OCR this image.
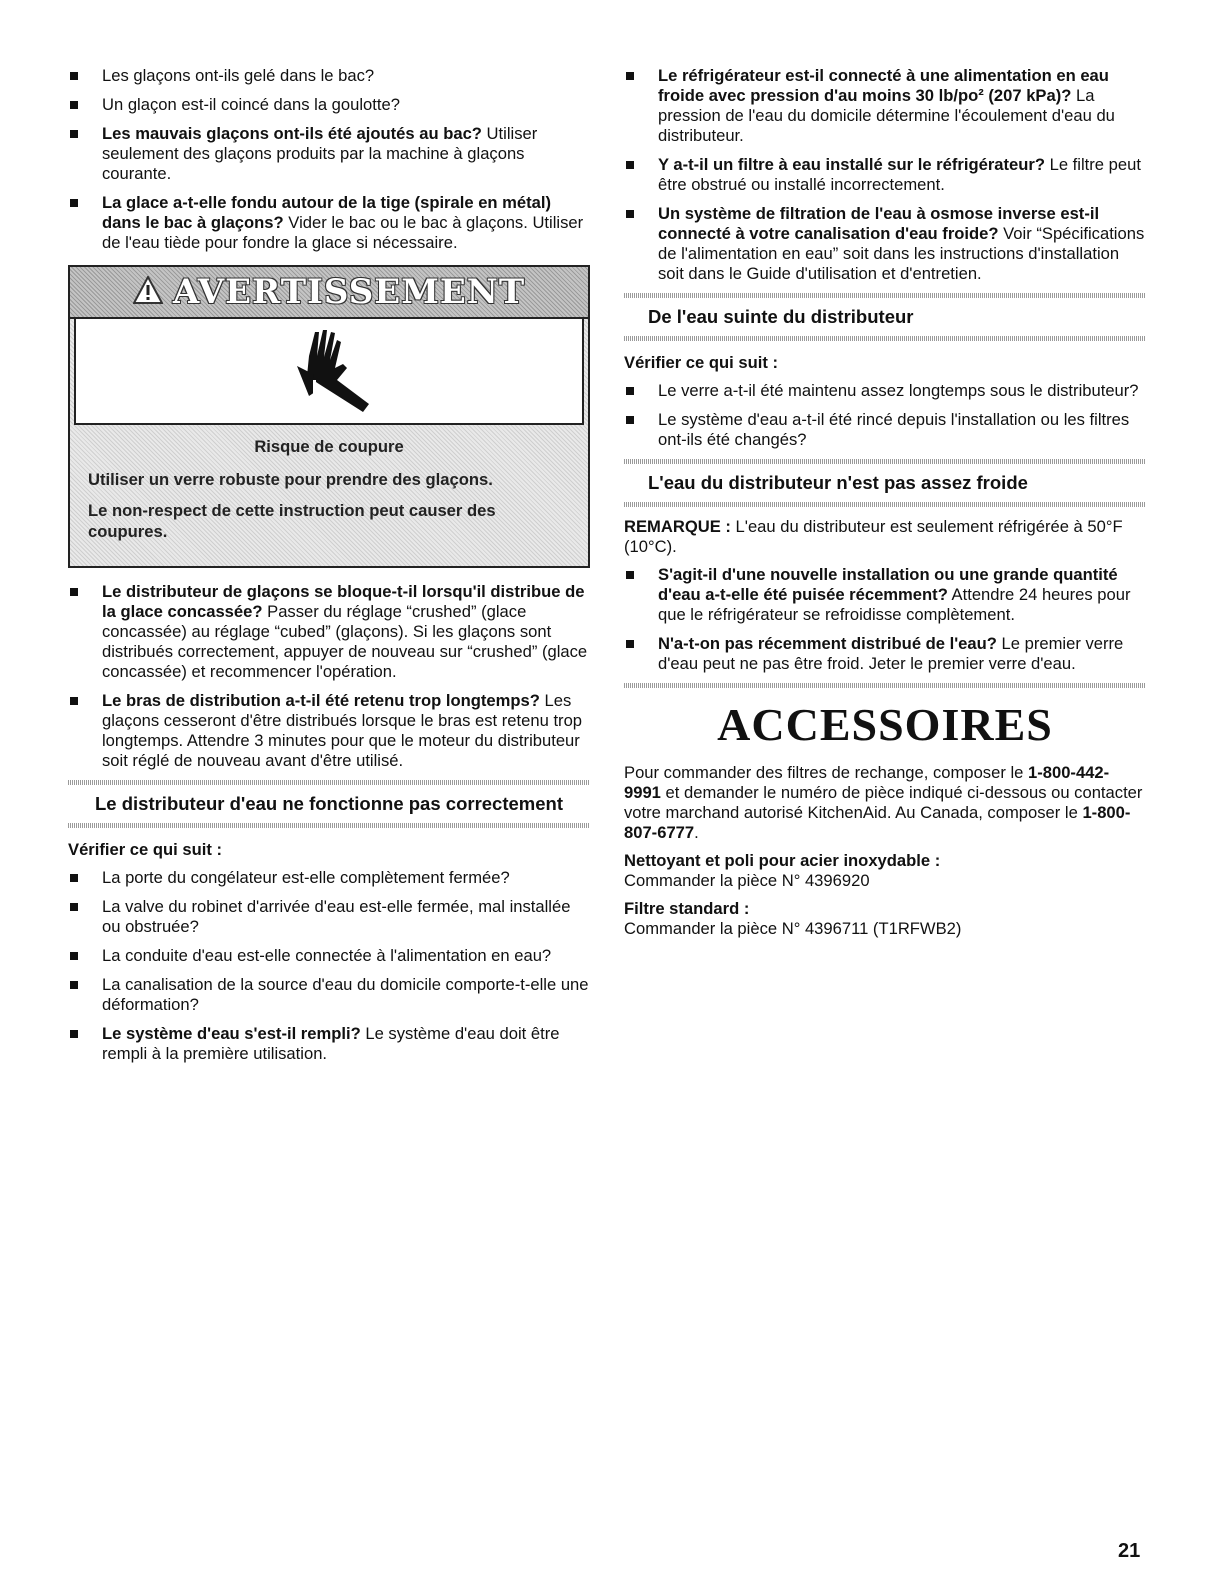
Les glaçons ont-ils gelé dans le bac?
Un glaçon est-il coincé dans la goulotte?
Les mauvais glaçons ont-ils été ajoutés au bac? Utiliser seulement des glaçons produits par la machine à glaçons courante.
La glace a-t-elle fondu autour de la tige (spirale en métal) dans le bac à glaçons? Vider le bac ou le bac à glaçons. Utiliser de l'eau tiède pour fondre la glace si nécessaire.
AVERTISSEMENT
Risque de coupure

Utiliser un verre robuste pour prendre des glaçons.

Le non-respect de cette instruction peut causer des coupures.

Le distributeur de glaçons se bloque-t-il lorsqu'il distribue de la glace concassée? Passer du réglage “crushed” (glace concassée) au réglage “cubed” (glaçons). Si les glaçons sont distribués correctement, appuyer de nouveau sur “crushed” (glace concassée) et recommencer l'opération.
Le bras de distribution a-t-il été retenu trop longtemps? Les glaçons cesseront d'être distribués lorsque le bras est retenu trop longtemps. Attendre 3 minutes pour que le moteur du distributeur soit réglé de nouveau avant d'être utilisé.
Le distributeur d'eau ne fonctionne pas correctement
Vérifier ce qui suit :
La porte du congélateur est-elle complètement fermée?
La valve du robinet d'arrivée d'eau est-elle fermée, mal installée ou obstruée?
La conduite d'eau est-elle connectée à l'alimentation en eau?
La canalisation de la source d'eau du domicile comporte-t-elle une déformation?
Le système d'eau s'est-il rempli? Le système d'eau doit être rempli à la première utilisation.
Le réfrigérateur est-il connecté à une alimentation en eau froide avec pression d'au moins 30 lb/po² (207 kPa)? La pression de l'eau du domicile détermine l'écoulement d'eau du distributeur.
Y a-t-il un filtre à eau installé sur le réfrigérateur? Le filtre peut être obstrué ou installé incorrectement.
Un système de filtration de l'eau à osmose inverse est-il connecté à votre canalisation d'eau froide? Voir “Spécifications de l'alimentation en eau” soit dans les instructions d'installation soit dans le Guide d'utilisation et d'entretien.
De l'eau suinte du distributeur
Vérifier ce qui suit :
Le verre a-t-il été maintenu assez longtemps sous le distributeur?
Le système d'eau a-t-il été rincé depuis l'installation ou les filtres ont-ils été changés?
L'eau du distributeur n'est pas assez froide

REMARQUE : L'eau du distributeur est seulement réfrigérée à 50°F (10°C).

S'agit-il d'une nouvelle installation ou une grande quantité d'eau a-t-elle été puisée récemment? Attendre 24 heures pour que le réfrigérateur se refroidisse complètement.
N'a-t-on pas récemment distribué de l'eau? Le premier verre d'eau peut ne pas être froid. Jeter le premier verre d'eau.
ACCESSOIRES

Pour commander des filtres de rechange, composer le 1-800-442-9991 et demander le numéro de pièce indiqué ci-dessous ou contacter votre marchand autorisé KitchenAid. Au Canada, composer le 1-800-807-6777.

Nettoyant et poli pour acier inoxydable :

Commander la pièce N° 4396920

Filtre standard :

Commander la pièce N° 4396711 (T1RFWB2)

21
